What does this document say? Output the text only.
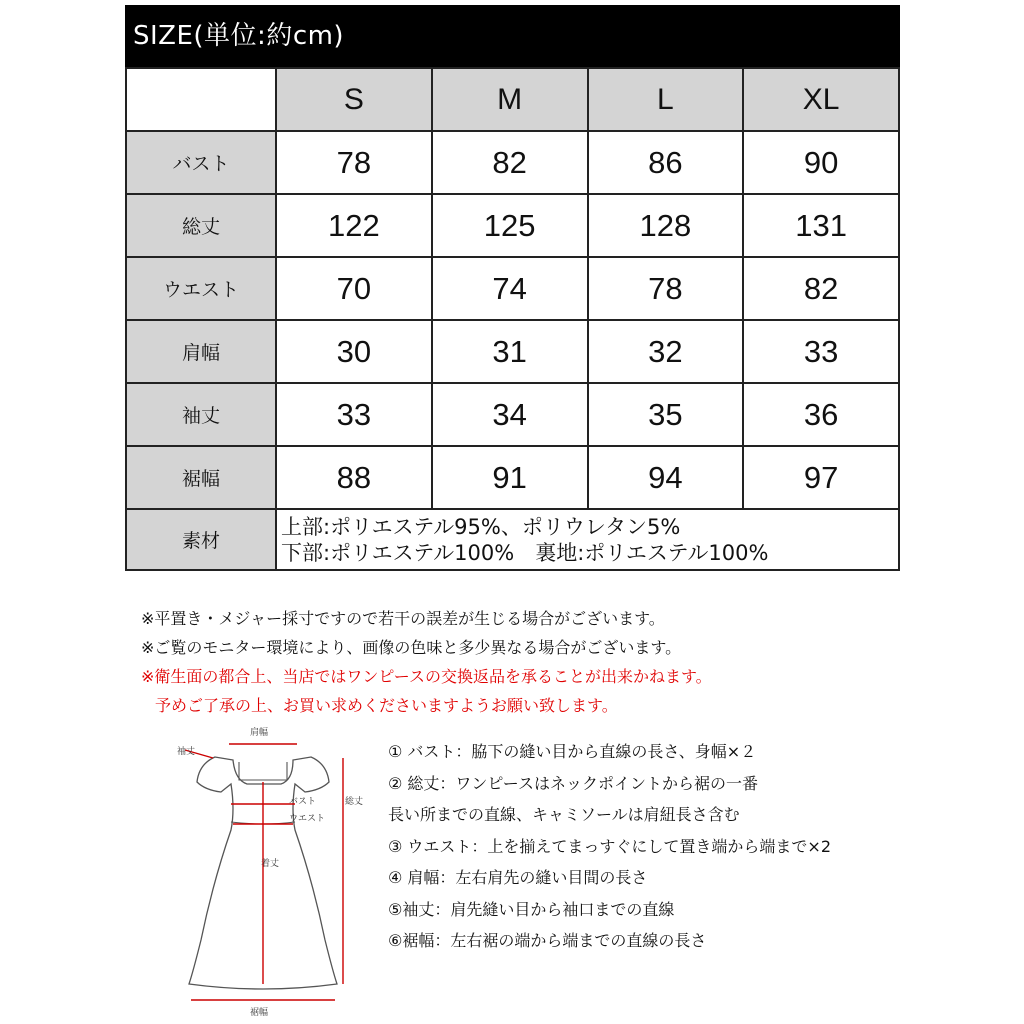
SIZE(単位:約cm)
	S	M	L	XL
バスト	78	82	86	90
総丈	122	125	128	131
ウエスト	70	74	78	82
肩幅	30	31	32	33
袖丈	33	34	35	36
裾幅	88	91	94	97
素材	上部:ポリエステル95%、ポリウレタン5%
下部:ポリエステル100%　裏地:ポリエステル100%			
※平置き・メジャー採寸ですので若干の誤差が生じる場合がございます。
※ご覧のモニター環境により、画像の色味と多少異なる場合がございます。
※衛生面の都合上、当店ではワンピースの交換返品を承ることが出来かねます。
予めご了承の上、お買い求めくださいますようお願い致します。
肩幅
袖丈
バスト
ウエスト
着丈
総丈
裾幅
① バスト：脇下の縫い目から直線の長さ、身幅×２
② 総丈：ワンピースはネックポイントから裾の一番
長い所までの直線、キャミソールは肩紐長さ含む
③ ウエスト：上を揃えてまっすぐにして置き端から端まで×2
④ 肩幅：左右肩先の縫い目間の長さ
⑤袖丈：肩先縫い目から袖口までの直線
⑥裾幅：左右裾の端から端までの直線の長さ
